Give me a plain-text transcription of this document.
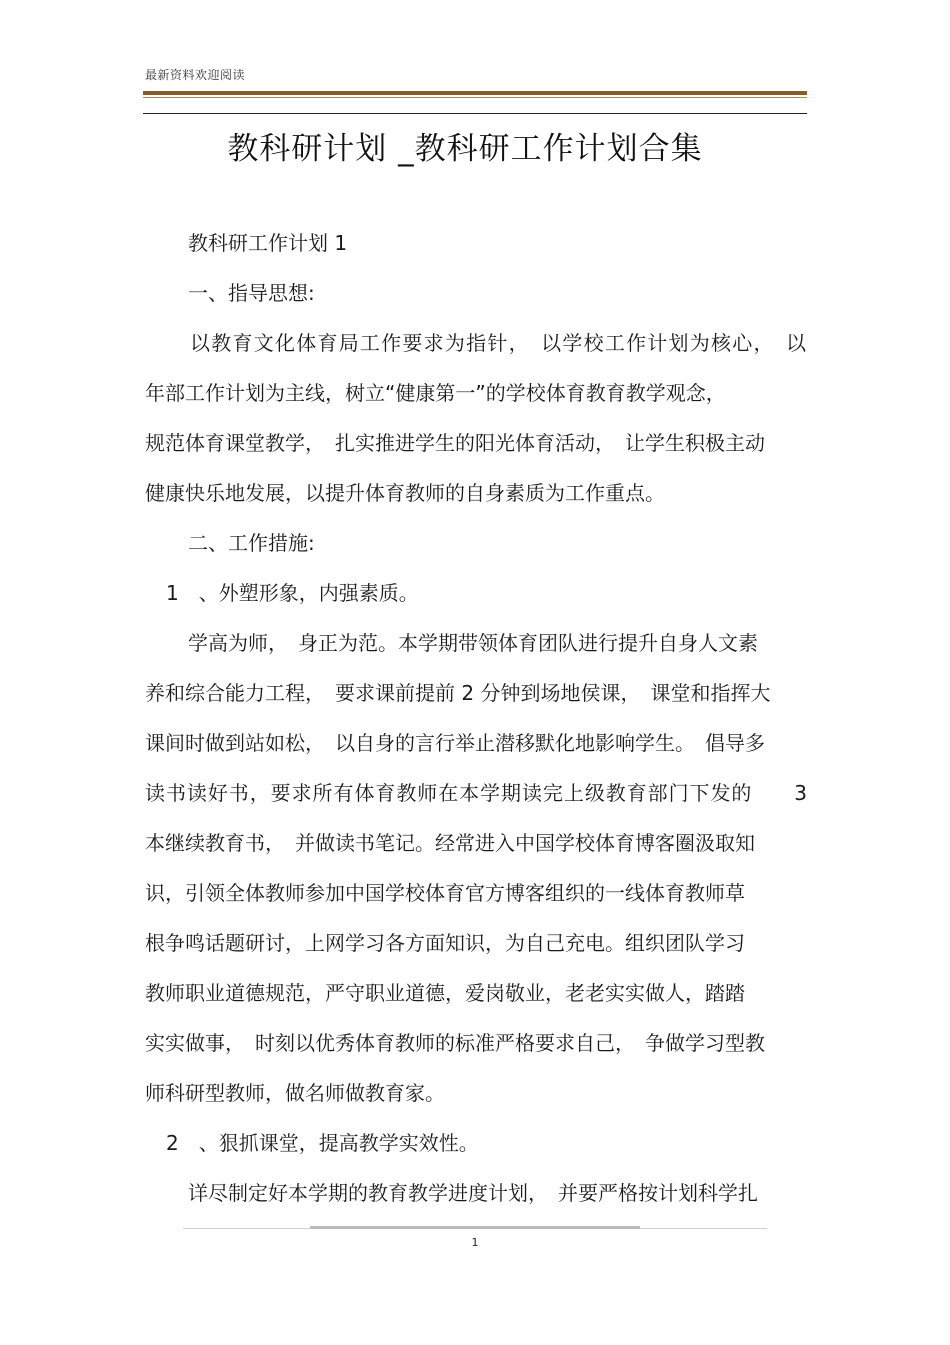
最新资料欢迎阅读
教科研计划 _教科研工作计划合集
教科研工作计划 1
一、指导思想:
以教育文化体育局工作要求为指针，　以学校工作计划为核心，　以
年部工作计划为主线，树立“健康第一”的学校体育教育教学观念，
规范体育课堂教学，　扎实推进学生的阳光体育活动，　让学生积极主动
健康快乐地发展，以提升体育教师的自身素质为工作重点。
二、工作措施:
1　、外塑形象，内强素质。
学高为师，　身正为范。本学期带领体育团队进行提升自身人文素
养和综合能力工程，　要求课前提前 2 分钟到场地侯课，　课堂和指挥大
课间时做到站如松，　以自身的言行举止潜移默化地影响学生。　倡导多
读书读好书，要求所有体育教师在本学期读完上级教育部门下发的　　3
本继续教育书，　并做读书笔记。经常进入中国学校体育博客圈汲取知
识，引领全体教师参加中国学校体育官方博客组织的一线体育教师草
根争鸣话题研讨，上网学习各方面知识，为自己充电。组织团队学习
教师职业道德规范，严守职业道德，爱岗敬业，老老实实做人，踏踏
实实做事，　时刻以优秀体育教师的标准严格要求自己，　争做学习型教
师科研型教师，做名师做教育家。
2　、狠抓课堂，提高教学实效性。
详尽制定好本学期的教育教学进度计划，　并要严格按计划科学扎
1
